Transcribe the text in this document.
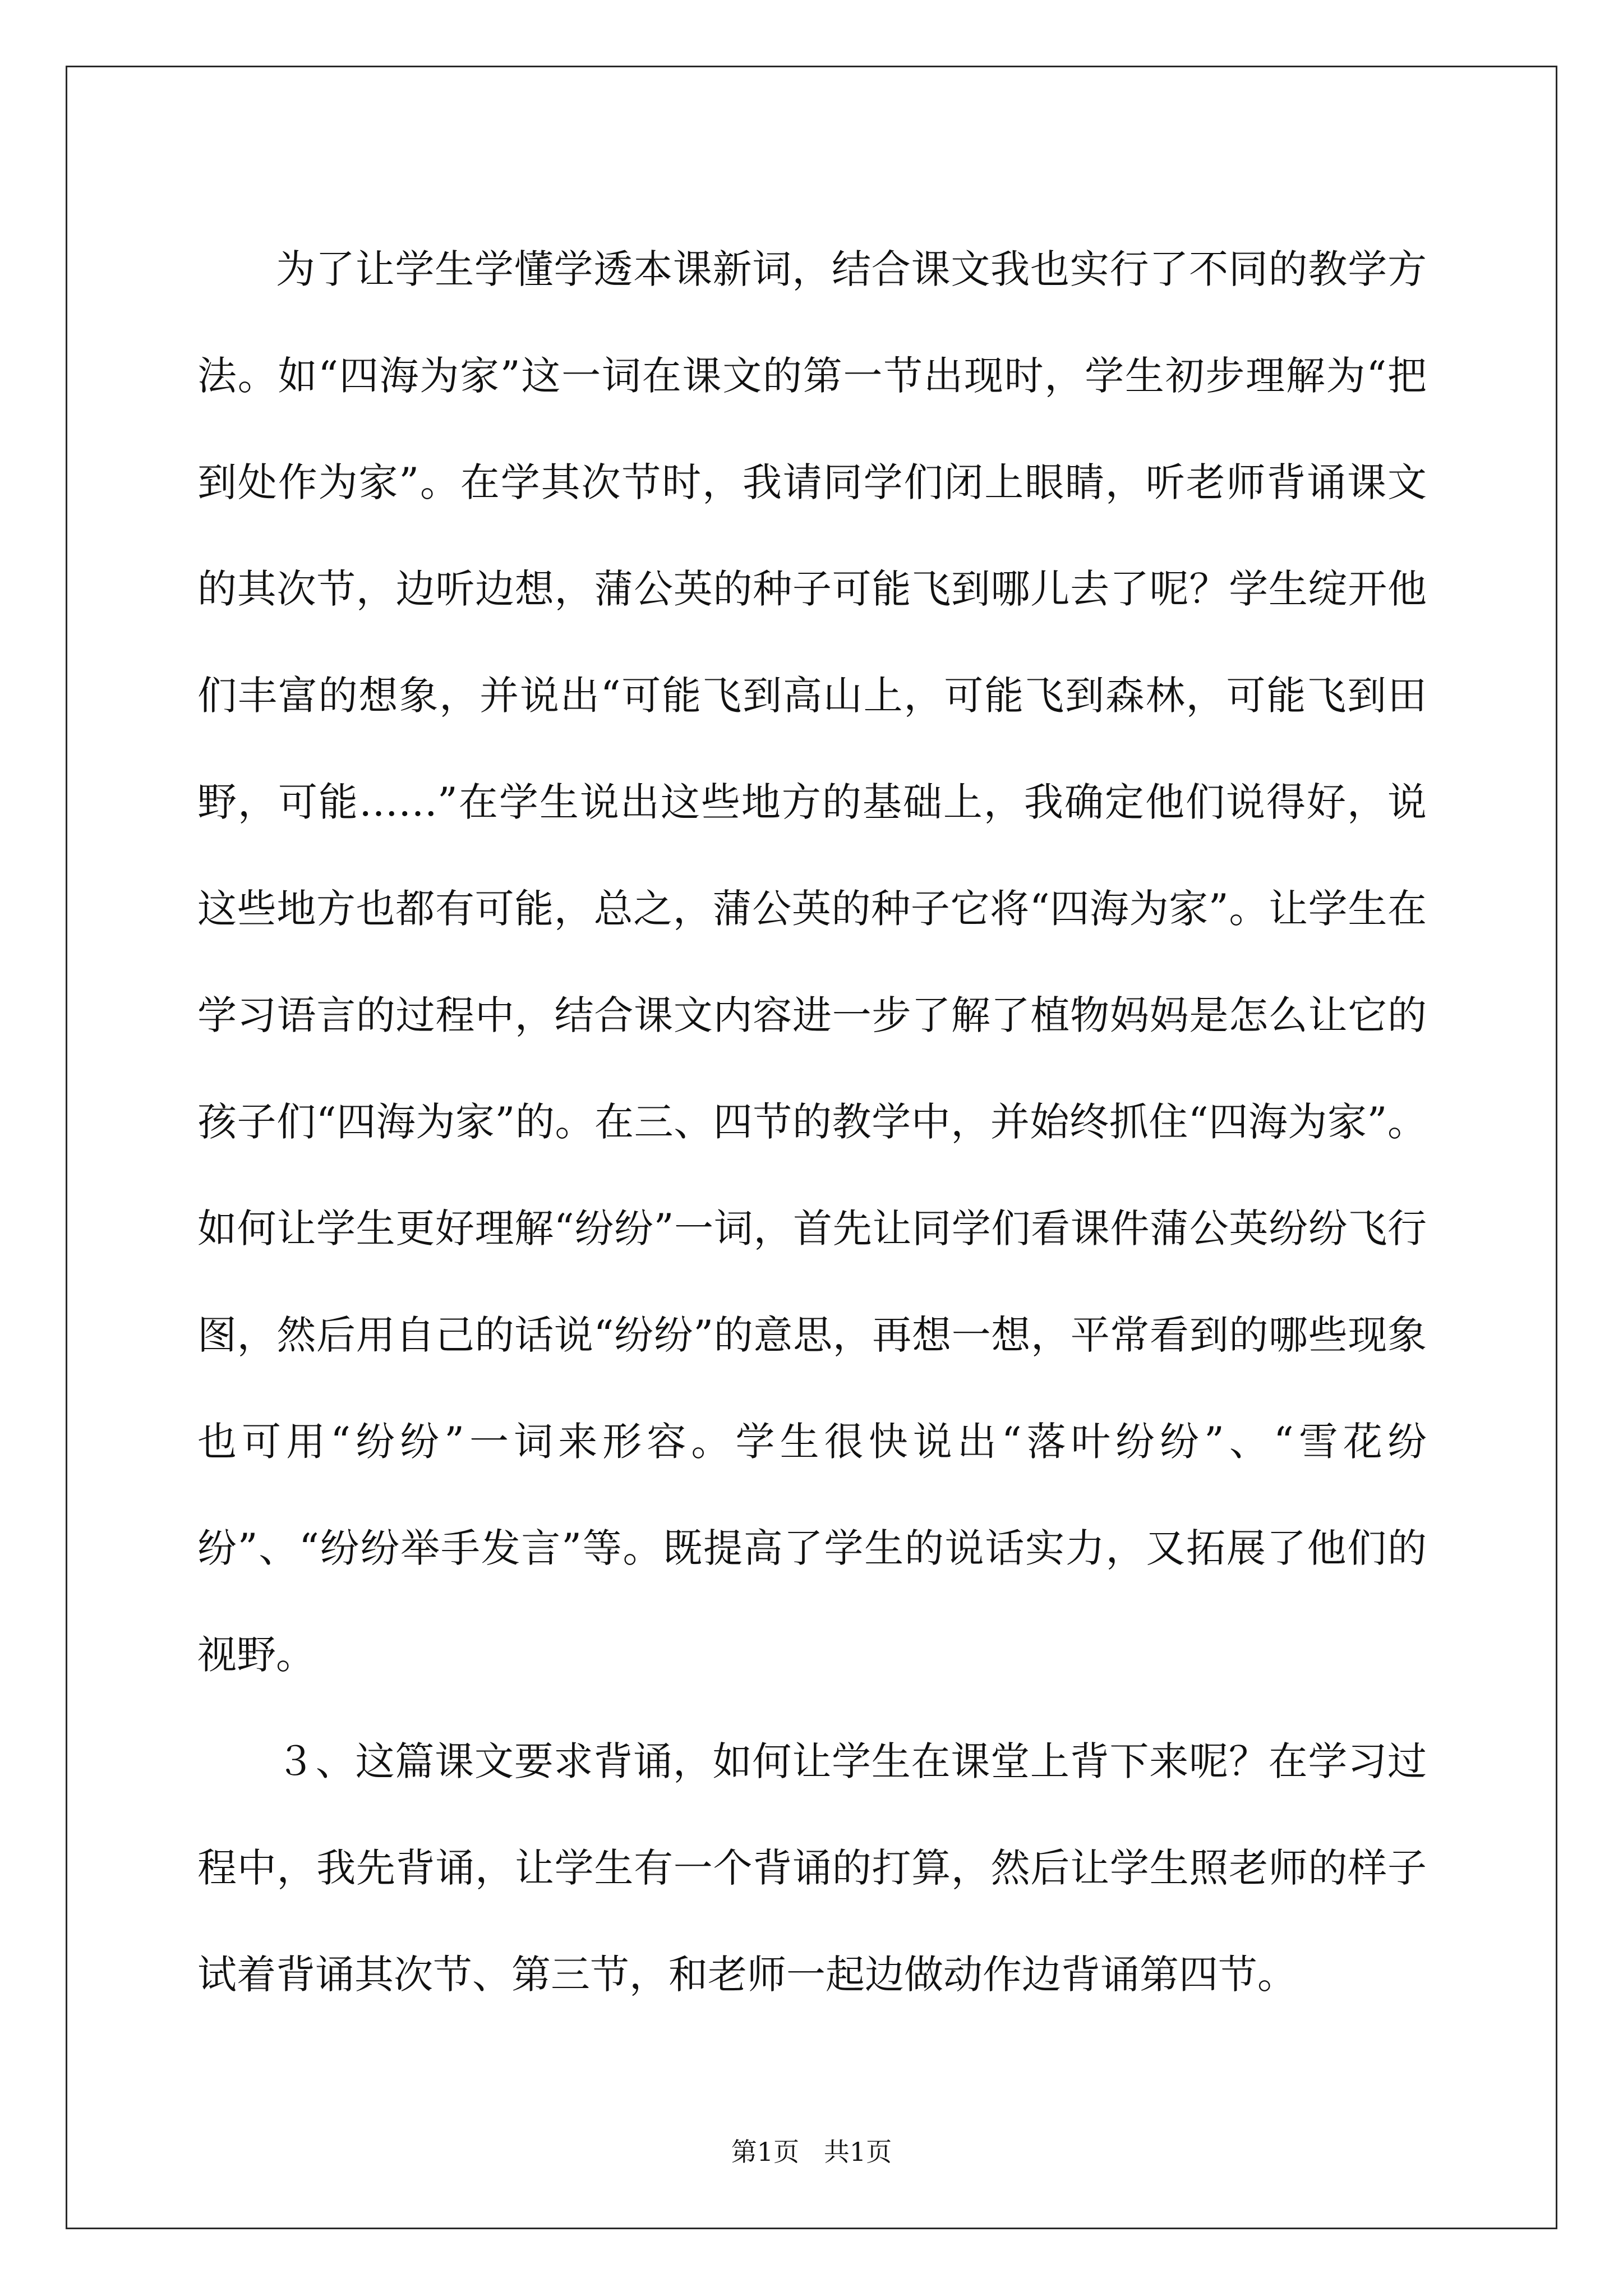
为了让学生学懂学透本课新词，结合课文我也实行了不同的教学方法。如“四海为家”这一词在课文的第一节出现时，学生初步理解为“把到处作为家”。在学其次节时，我请同学们闭上眼睛，听老师背诵课文的其次节，边听边想，蒲公英的种子可能飞到哪儿去了呢？学生绽开他们丰富的想象，并说出“可能飞到高山上，可能飞到森林，可能飞到田野，可能……”在学生说出这些地方的基础上，我确定他们说得好，说这些地方也都有可能，总之，蒲公英的种子它将“四海为家”。让学生在学习语言的过程中，结合课文内容进一步了解了植物妈妈是怎么让它的孩子们“四海为家”的。在三、四节的教学中，并始终抓住“四海为家”。如何让学生更好理解“纷纷”一词，首先让同学们看课件蒲公英纷纷飞行图，然后用自己的话说“纷纷”的意思，再想一想，平常看到的哪些现象也可用“纷纷”一词来形容。学生很快说出“落叶纷纷”、“雪花纷纷”、“纷纷举手发言”等。既提高了学生的说话实力，又拓展了他们的视野。

３、这篇课文要求背诵，如何让学生在课堂上背下来呢？在学习过程中，我先背诵，让学生有一个背诵的打算，然后让学生照老师的样子试着背诵其次节、第三节，和老师一起边做动作边背诵第四节。

第1页   共1页
